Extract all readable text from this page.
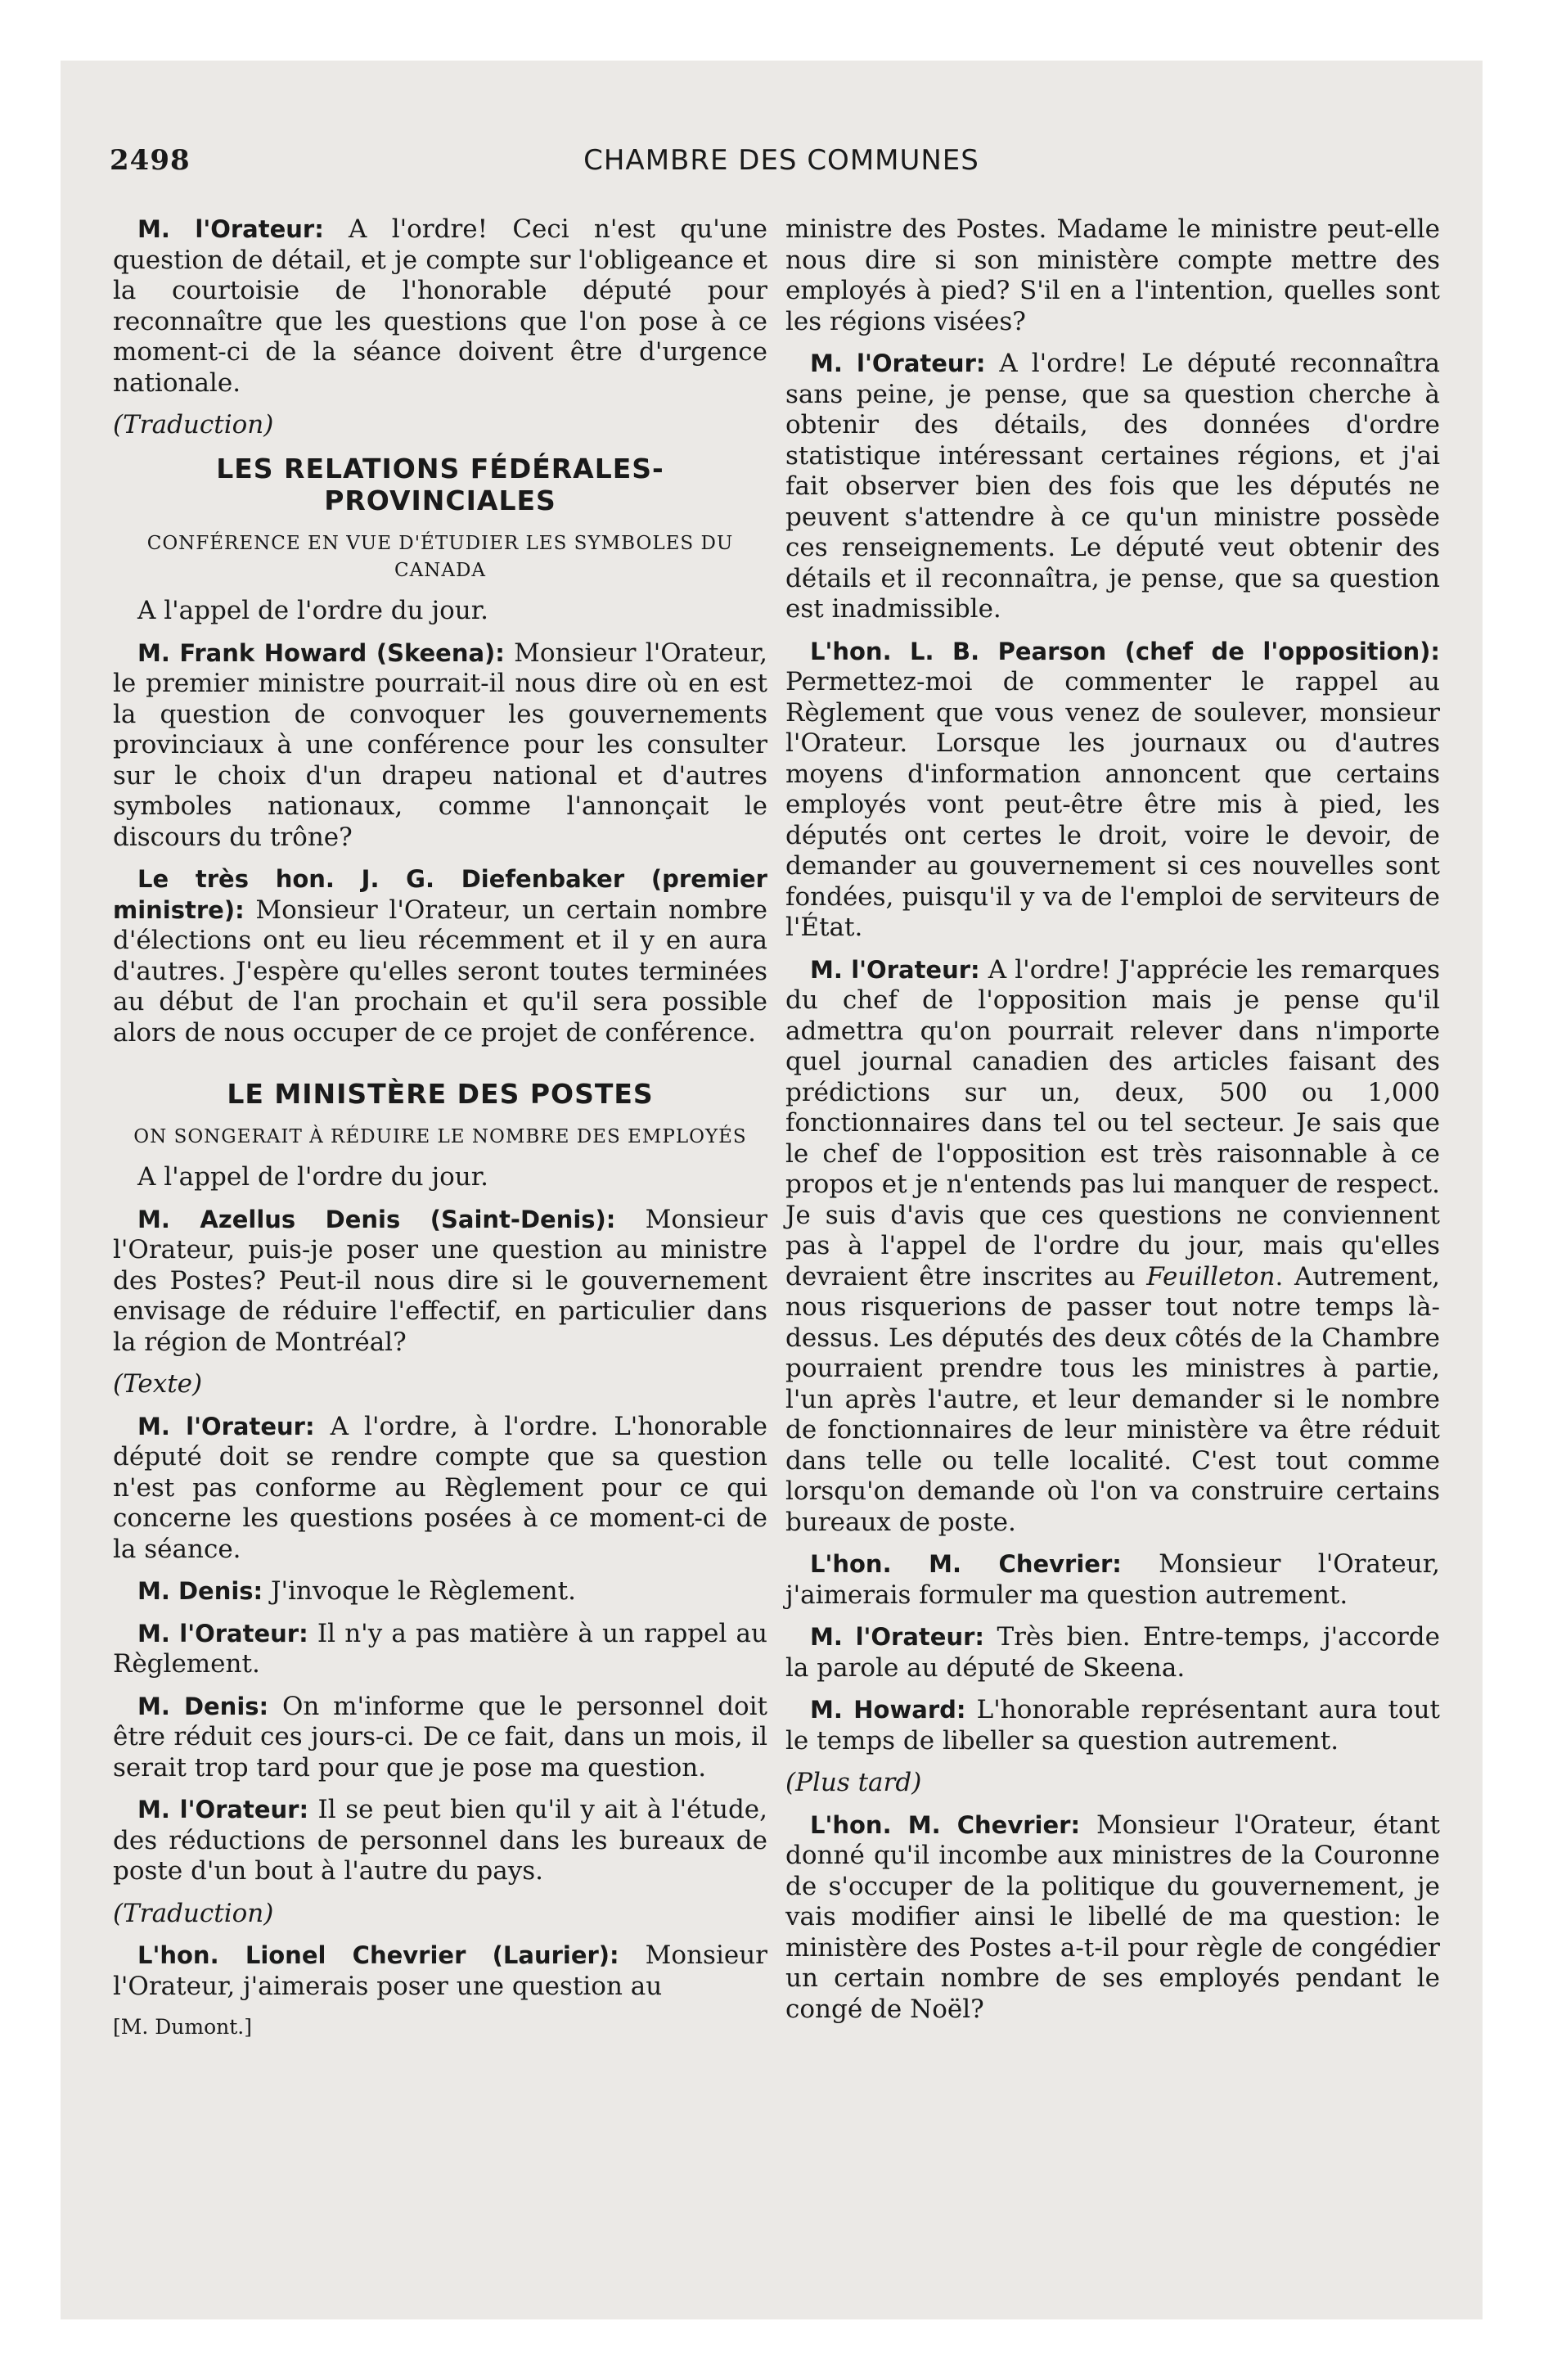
2498	CHAMBRE DES COMMUNES

M. l'Orateur: A l'ordre! Ceci n'est qu'une question de détail, et je compte sur l'obligeance et la courtoisie de l'honorable député pour reconnaître que les questions que l'on pose à ce moment-ci de la séance doivent être d'urgence nationale.

(Traduction)

LES RELATIONS FÉDÉRALES-PROVINCIALES
CONFÉRENCE EN VUE D'ÉTUDIER LES SYMBOLES DU CANADA

A l'appel de l'ordre du jour.

M. Frank Howard (Skeena): Monsieur l'Orateur, le premier ministre pourrait-il nous dire où en est la question de convoquer les gouvernements provinciaux à une conférence pour les consulter sur le choix d'un drapeu national et d'autres symboles nationaux, comme l'annonçait le discours du trône?

Le très hon. J. G. Diefenbaker (premier ministre): Monsieur l'Orateur, un certain nombre d'élections ont eu lieu récemment et il y en aura d'autres. J'espère qu'elles seront toutes terminées au début de l'an prochain et qu'il sera possible alors de nous occuper de ce projet de conférence.

LE MINISTÈRE DES POSTES
ON SONGERAIT À RÉDUIRE LE NOMBRE DES EMPLOYÉS

A l'appel de l'ordre du jour.

M. Azellus Denis (Saint-Denis): Monsieur l'Orateur, puis-je poser une question au ministre des Postes? Peut-il nous dire si le gouvernement envisage de réduire l'effectif, en particulier dans la région de Montréal?

(Texte)

M. l'Orateur: A l'ordre, à l'ordre. L'honorable député doit se rendre compte que sa question n'est pas conforme au Règlement pour ce qui concerne les questions posées à ce moment-ci de la séance.

M. Denis: J'invoque le Règlement.

M. l'Orateur: Il n'y a pas matière à un rappel au Règlement.

M. Denis: On m'informe que le personnel doit être réduit ces jours-ci. De ce fait, dans un mois, il serait trop tard pour que je pose ma question.

M. l'Orateur: Il se peut bien qu'il y ait à l'étude, des réductions de personnel dans les bureaux de poste d'un bout à l'autre du pays.

(Traduction)

L'hon. Lionel Chevrier (Laurier): Monsieur l'Orateur, j'aimerais poser une question au

[M. Dumont.]

ministre des Postes. Madame le ministre peut-elle nous dire si son ministère compte mettre des employés à pied? S'il en a l'intention, quelles sont les régions visées?

M. l'Orateur: A l'ordre! Le député reconnaîtra sans peine, je pense, que sa question cherche à obtenir des détails, des données d'ordre statistique intéressant certaines régions, et j'ai fait observer bien des fois que les députés ne peuvent s'attendre à ce qu'un ministre possède ces renseignements. Le député veut obtenir des détails et il reconnaîtra, je pense, que sa question est inadmissible.

L'hon. L. B. Pearson (chef de l'opposition): Permettez-moi de commenter le rappel au Règlement que vous venez de soulever, monsieur l'Orateur. Lorsque les journaux ou d'autres moyens d'information annoncent que certains employés vont peut-être être mis à pied, les députés ont certes le droit, voire le devoir, de demander au gouvernement si ces nouvelles sont fondées, puisqu'il y va de l'emploi de serviteurs de l'État.

M. l'Orateur: A l'ordre! J'apprécie les remarques du chef de l'opposition mais je pense qu'il admettra qu'on pourrait relever dans n'importe quel journal canadien des articles faisant des prédictions sur un, deux, 500 ou 1,000 fonctionnaires dans tel ou tel secteur. Je sais que le chef de l'opposition est très raisonnable à ce propos et je n'entends pas lui manquer de respect. Je suis d'avis que ces questions ne conviennent pas à l'appel de l'ordre du jour, mais qu'elles devraient être inscrites au Feuilleton. Autrement, nous risquerions de passer tout notre temps là-dessus. Les députés des deux côtés de la Chambre pourraient prendre tous les ministres à partie, l'un après l'autre, et leur demander si le nombre de fonctionnaires de leur ministère va être réduit dans telle ou telle localité. C'est tout comme lorsqu'on demande où l'on va construire certains bureaux de poste.

L'hon. M. Chevrier: Monsieur l'Orateur, j'aimerais formuler ma question autrement.

M. l'Orateur: Très bien. Entre-temps, j'accorde la parole au député de Skeena.

M. Howard: L'honorable représentant aura tout le temps de libeller sa question autrement.

(Plus tard)

L'hon. M. Chevrier: Monsieur l'Orateur, étant donné qu'il incombe aux ministres de la Couronne de s'occuper de la politique du gouvernement, je vais modifier ainsi le libellé de ma question: le ministère des Postes a-t-il pour règle de congédier un certain nombre de ses employés pendant le congé de Noël?
